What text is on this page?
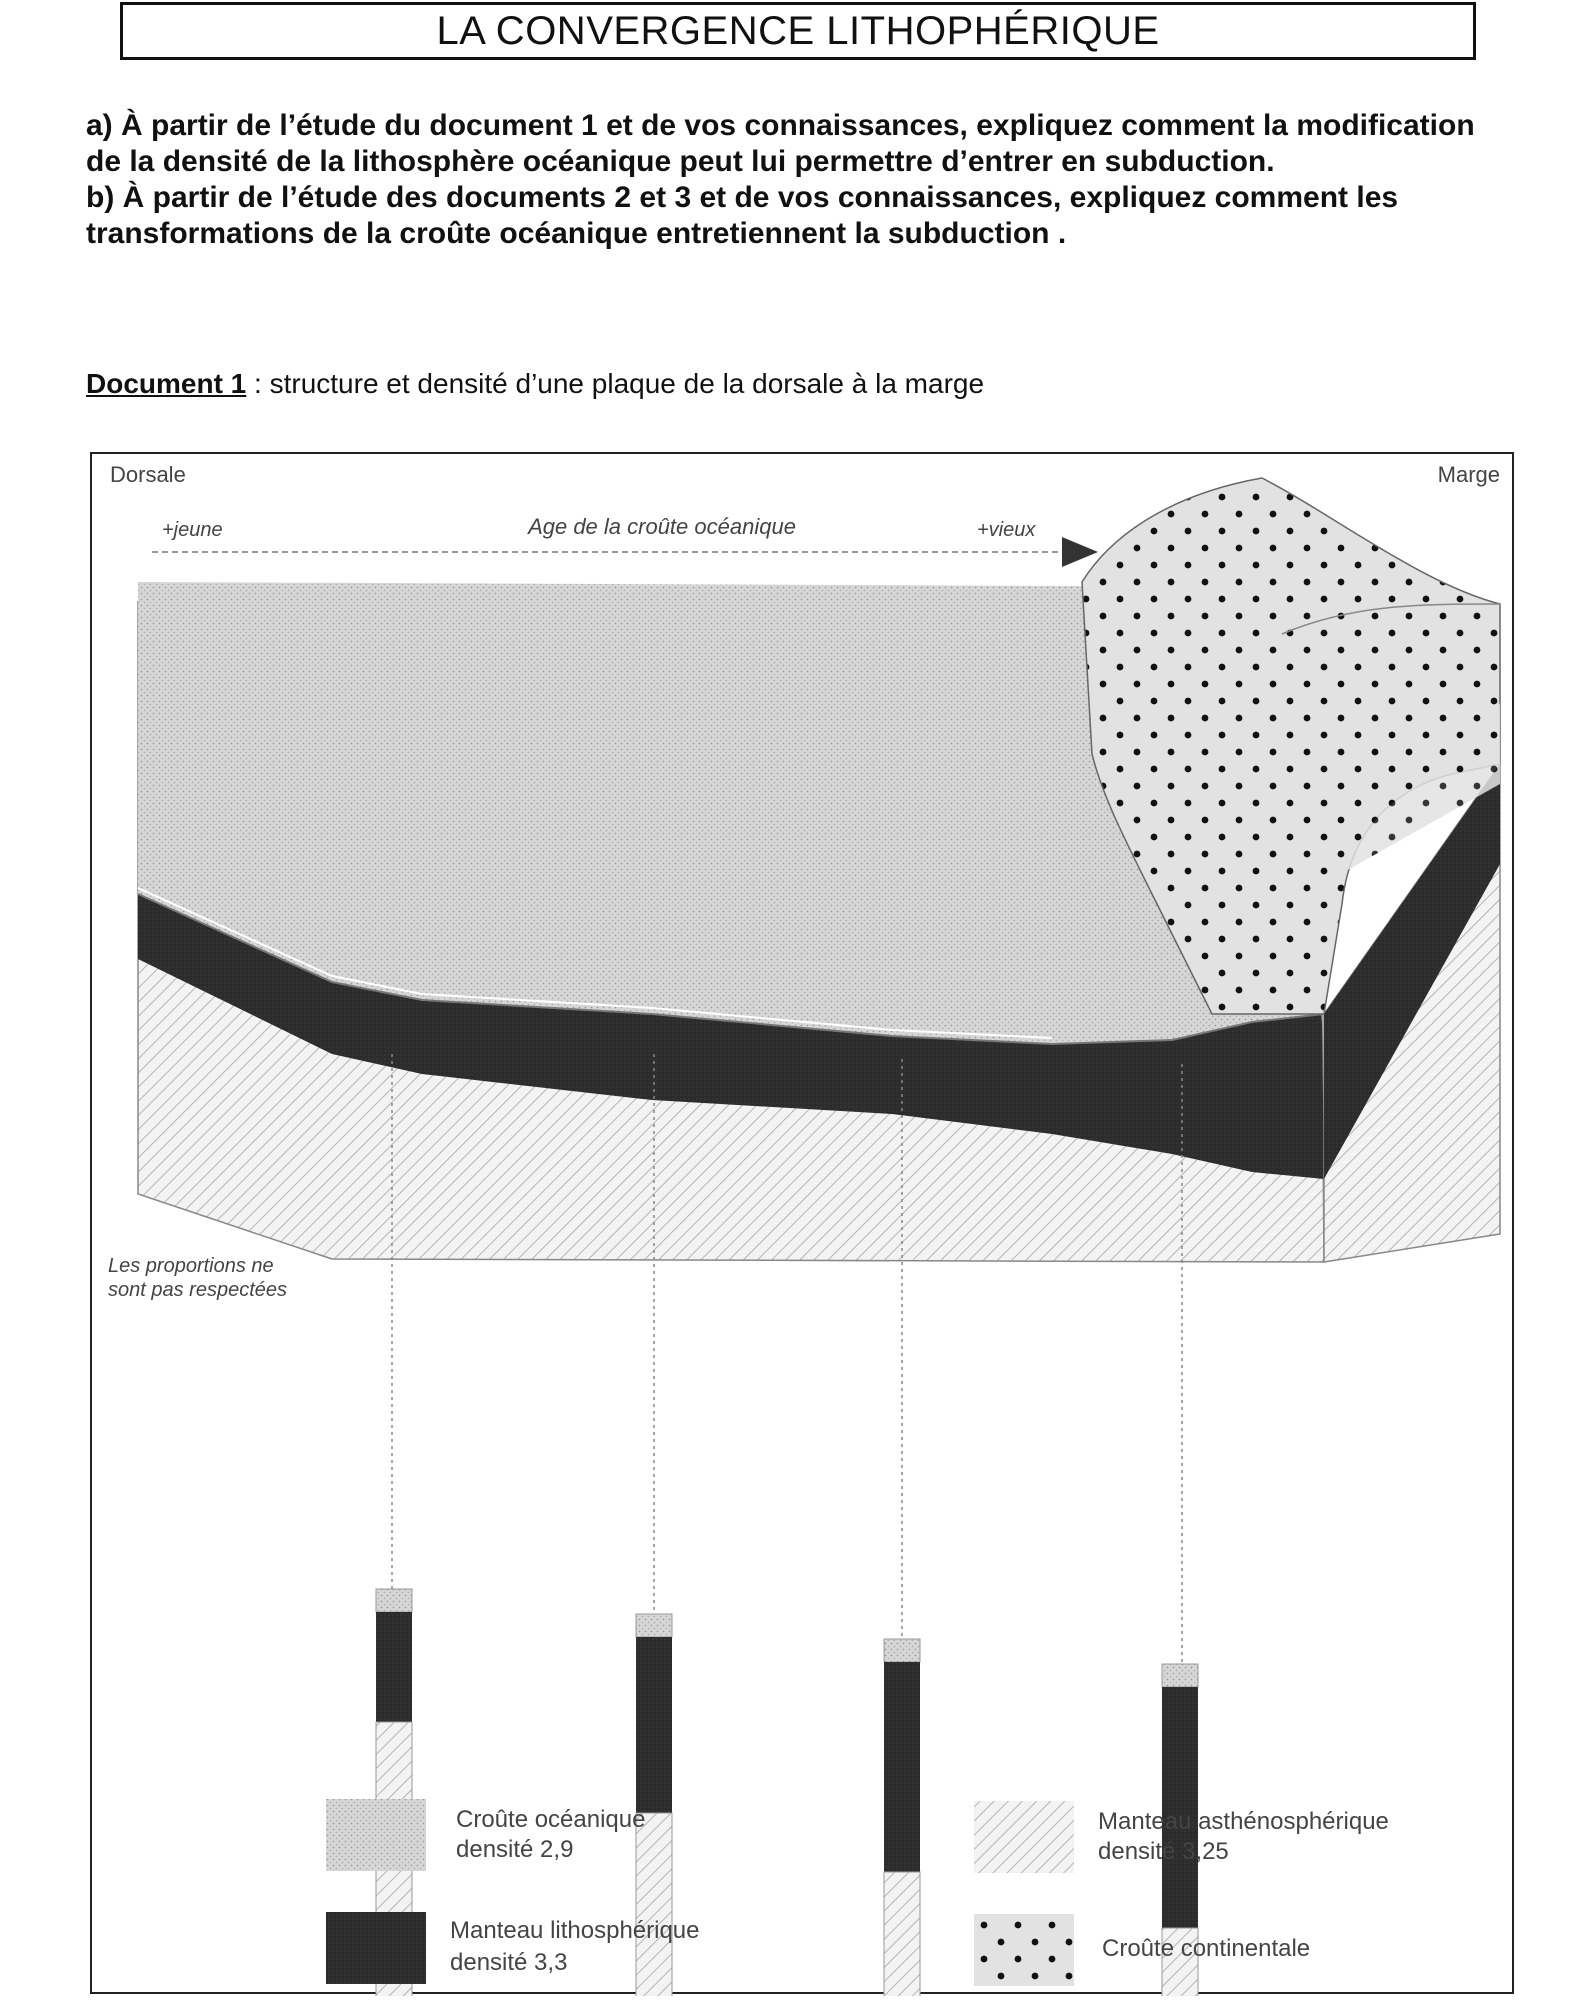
LA CONVERGENCE LITHOPHÉRIQUE

a) À partir de l’étude du document 1 et de vos connaissances, expliquez comment la modification de la densité de la lithosphère océanique peut lui permettre d’entrer en subduction.

b) À partir de l’étude des documents 2 et 3 et de vos connaissances, expliquez comment les transformations de la croûte océanique entretiennent la subduction .

Document 1 : structure et densité d’une plaque de la dorsale à la marge
Dorsale	Marge
+jeune	Age de la croûte océanique	+vieux
Les proportions ne
sont pas respectées
Croûte océanique
densité 2,9
Manteau asthénosphérique
densité 3,25
Manteau lithosphérique
densité 3,3
Croûte continentale
